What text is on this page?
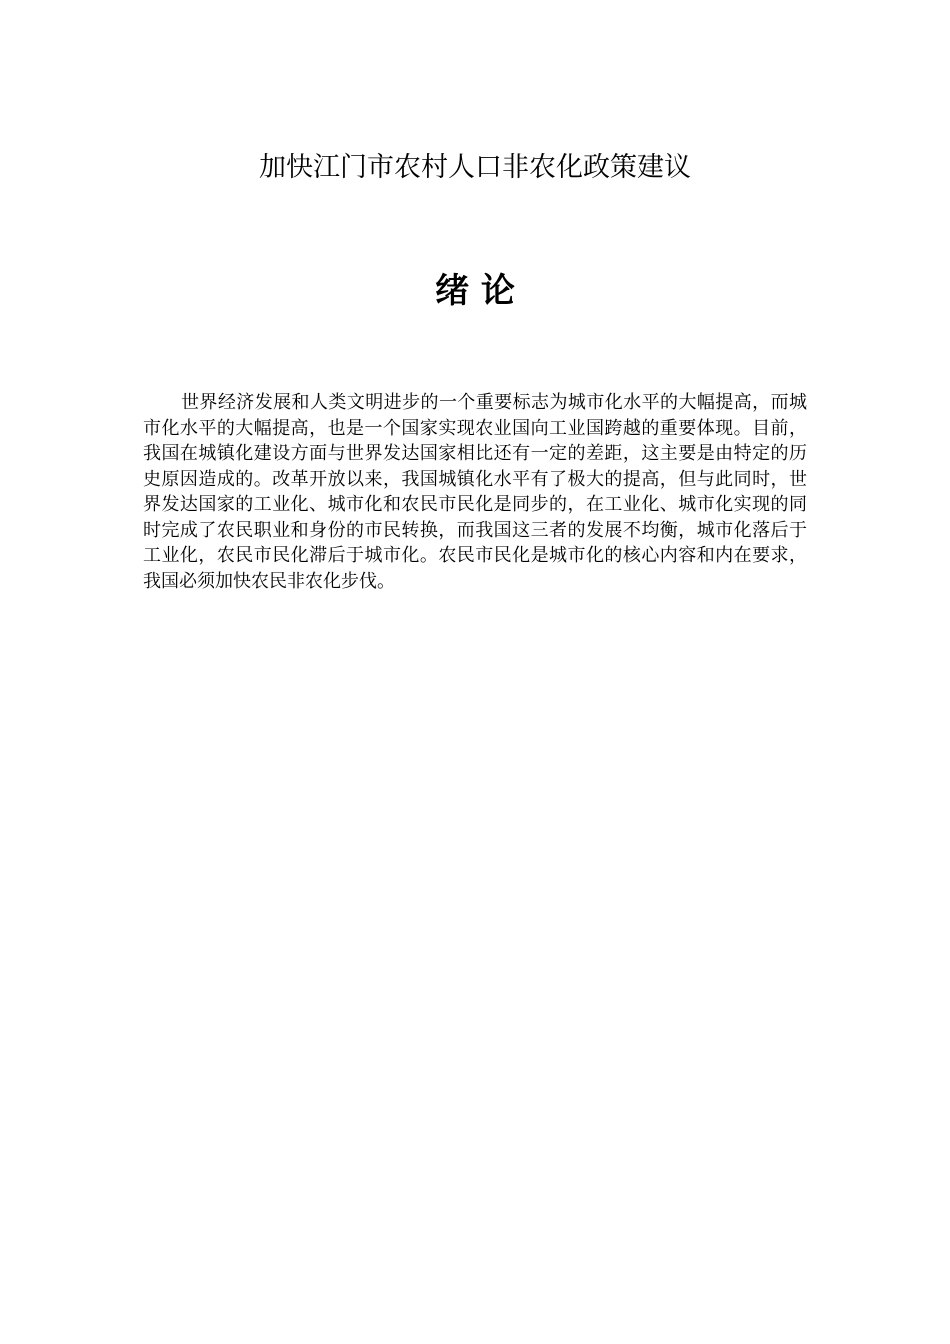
加快江门市农村人口非农化政策建议
绪 论

世界经济发展和人类文明进步的一个重要标志为城市化水平的大幅提高，而城市化水平的大幅提高，也是一个国家实现农业国向工业国跨越的重要体现。目前，我国在城镇化建设方面与世界发达国家相比还有一定的差距，这主要是由特定的历史原因造成的。改革开放以来，我国城镇化水平有了极大的提高，但与此同时，世界发达国家的工业化、城市化和农民市民化是同步的，在工业化、城市化实现的同时完成了农民职业和身份的市民转换，而我国这三者的发展不均衡，城市化落后于工业化，农民市民化滞后于城市化。农民市民化是城市化的核心内容和内在要求，我国必须加快农民非农化步伐。
